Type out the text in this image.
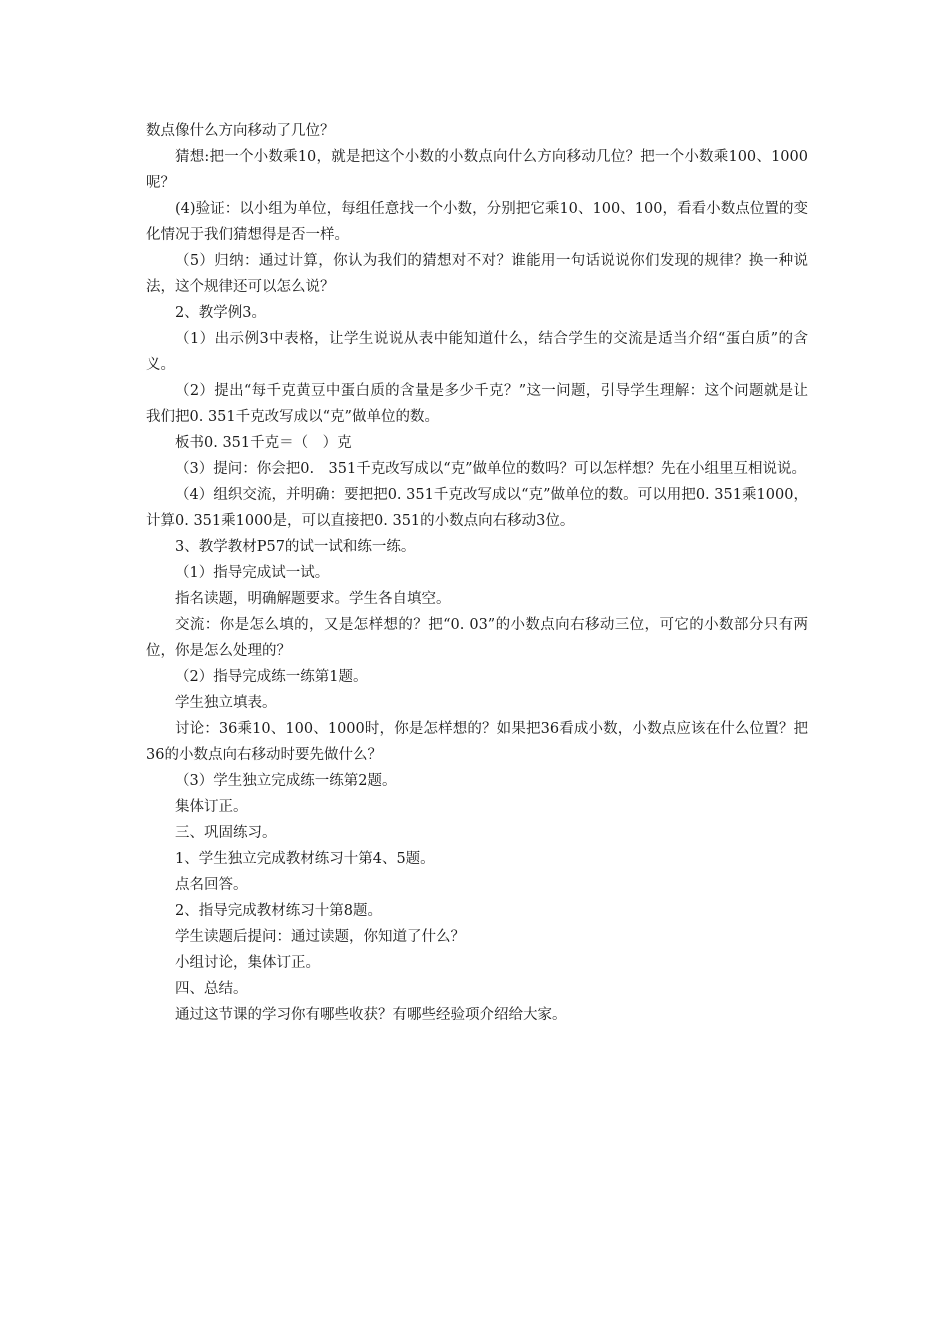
数点像什么方向移动了几位？

猜想:把一个小数乘10，就是把这个小数的小数点向什么方向移动几位？把一个小数乘100、1000呢？

(4)验证：以小组为单位，每组任意找一个小数，分别把它乘10、100、100，看看小数点位置的变化情况于我们猜想得是否一样。

（5）归纳：通过计算，你认为我们的猜想对不对？谁能用一句话说说你们发现的规律？换一种说法，这个规律还可以怎么说？

2、教学例3。

（1）出示例3中表格，让学生说说从表中能知道什么，结合学生的交流是适当介绍“蛋白质”的含义。

（2）提出“每千克黄豆中蛋白质的含量是多少千克？”这一问题，引导学生理解：这个问题就是让我们把0. 351千克改写成以“克”做单位的数。

板书0. 351千克＝（　）克

（3）提问：你会把0.　351千克改写成以“克”做单位的数吗？可以怎样想？先在小组里互相说说。

（4）组织交流，并明确：要把把0. 351千克改写成以“克”做单位的数。可以用把0. 351乘1000，计算0. 351乘1000是，可以直接把0. 351的小数点向右移动3位。

3、教学教材P57的试一试和练一练。

（1）指导完成试一试。

指名读题，明确解题要求。学生各自填空。

交流：你是怎么填的，又是怎样想的？把“0. 03”的小数点向右移动三位，可它的小数部分只有两位，你是怎么处理的？

（2）指导完成练一练第1题。

学生独立填表。

讨论：36乘10、100、1000时，你是怎样想的？如果把36看成小数，小数点应该在什么位置？把36的小数点向右移动时要先做什么？

（3）学生独立完成练一练第2题。

集体订正。

三、巩固练习。

1、学生独立完成教材练习十第4、5题。

点名回答。

2、指导完成教材练习十第8题。

学生读题后提问：通过读题，你知道了什么？

小组讨论，集体订正。

四、总结。

通过这节课的学习你有哪些收获？有哪些经验项介绍给大家。
